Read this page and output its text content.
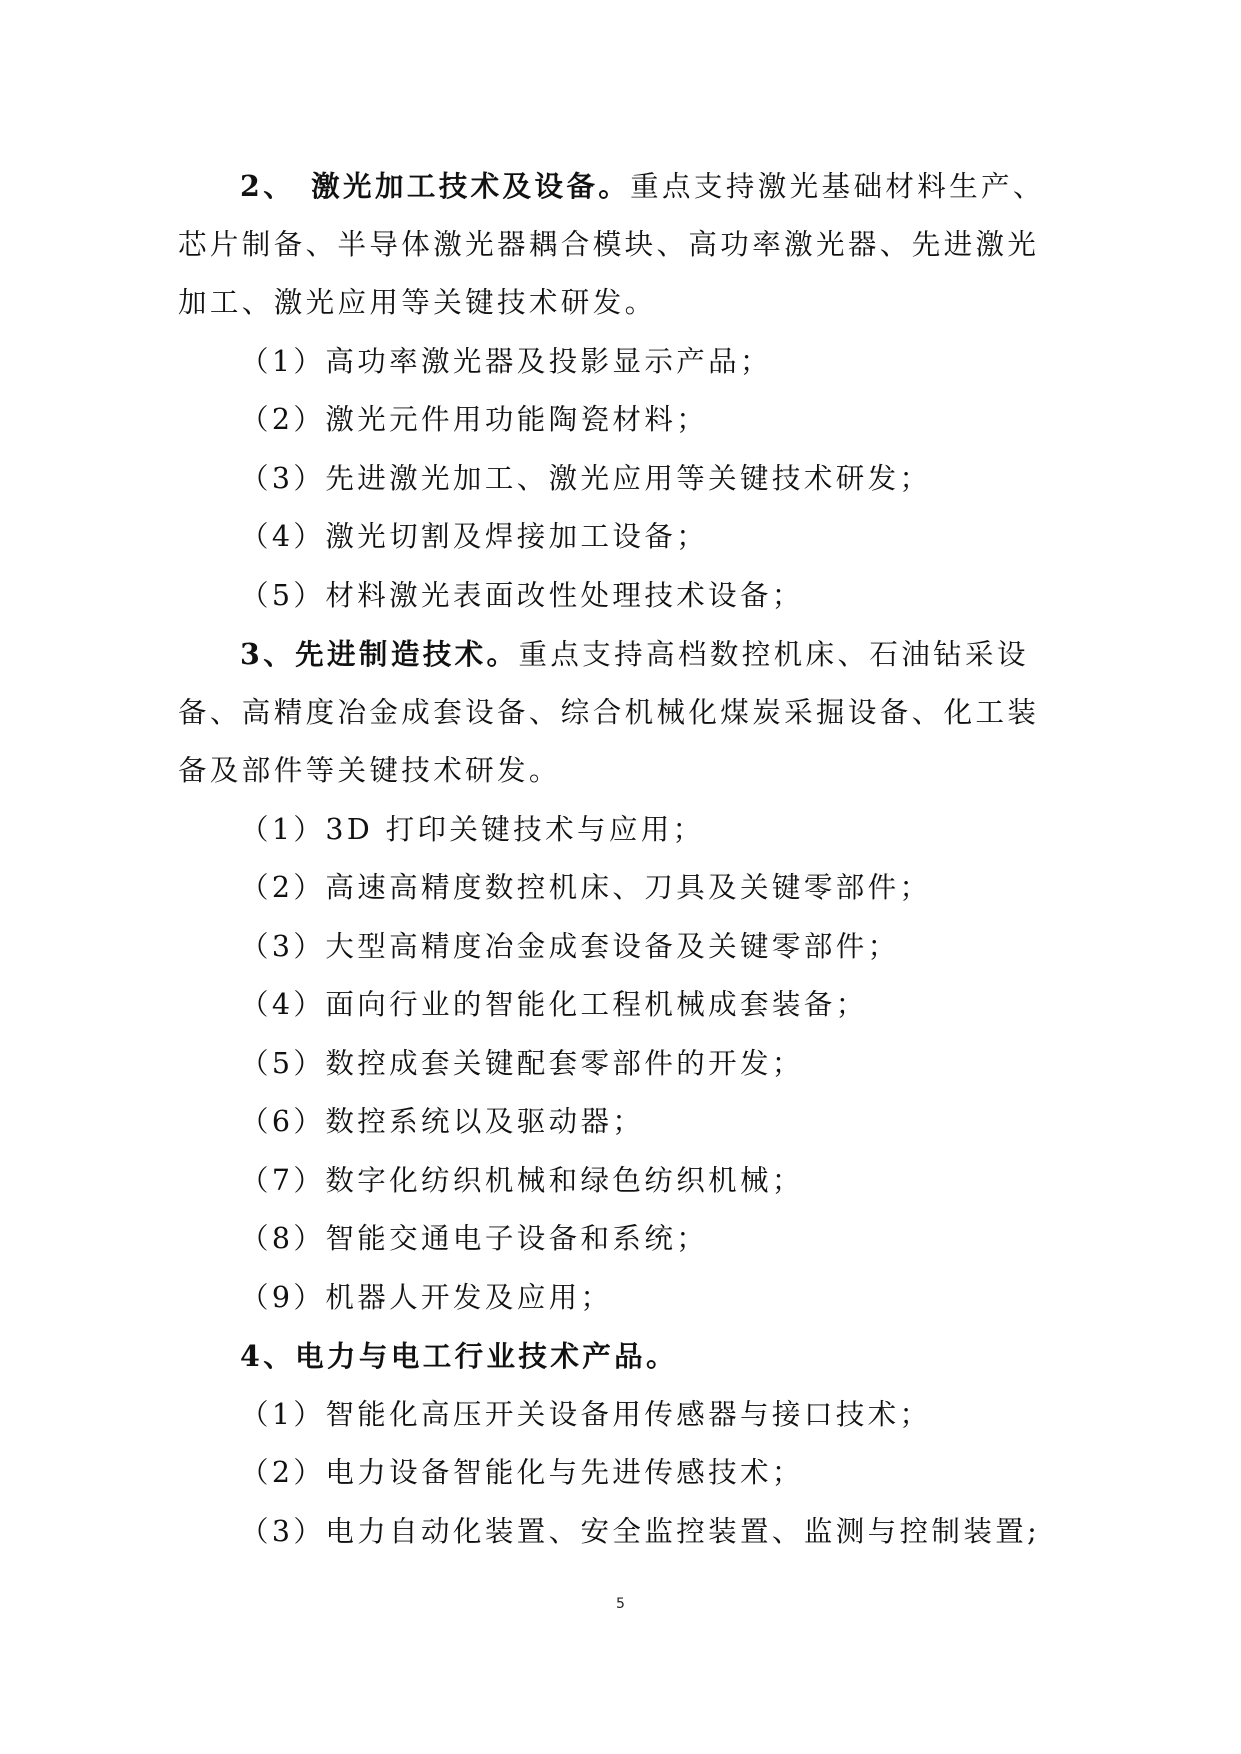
2、 激光加工技术及设备。重点支持激光基础材料生产、
芯片制备、半导体激光器耦合模块、高功率激光器、先进激光
加工、激光应用等关键技术研发。
（1）高功率激光器及投影显示产品；
（2）激光元件用功能陶瓷材料；
（3）先进激光加工、激光应用等关键技术研发；
（4）激光切割及焊接加工设备；
（5）材料激光表面改性处理技术设备；
3、先进制造技术。重点支持高档数控机床、石油钻采设
备、高精度冶金成套设备、综合机械化煤炭采掘设备、化工装
备及部件等关键技术研发。
（1）3D 打印关键技术与应用；
（2）高速高精度数控机床、刀具及关键零部件；
（3）大型高精度冶金成套设备及关键零部件；
（4）面向行业的智能化工程机械成套装备；
（5）数控成套关键配套零部件的开发；
（6）数控系统以及驱动器；
（7）数字化纺织机械和绿色纺织机械；
（8）智能交通电子设备和系统；
（9）机器人开发及应用；
4、电力与电工行业技术产品。
（1）智能化高压开关设备用传感器与接口技术；
（2）电力设备智能化与先进传感技术；
（3）电力自动化装置、安全监控装置、监测与控制装置;
5
